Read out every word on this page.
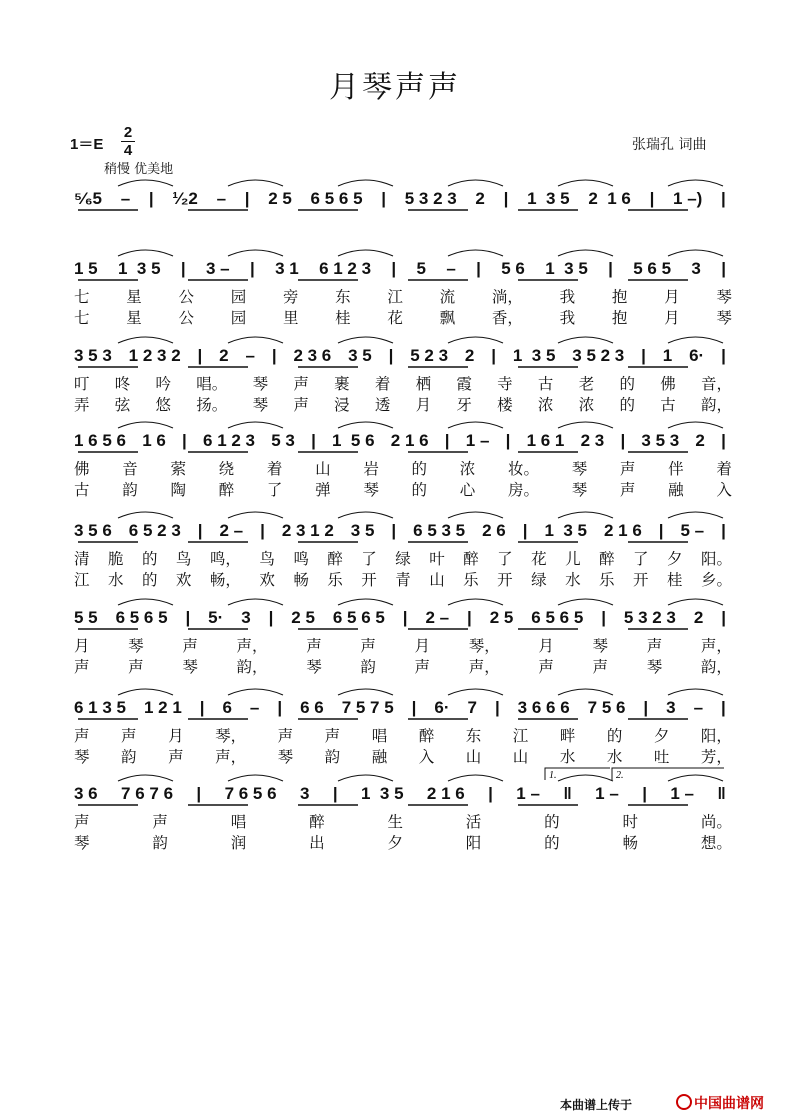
月琴声声
1＝E
2
4
稍慢 优美地
张瑞孔 词曲
⁵⁄₆5 – | ¹⁄₂2 – | 2 5 6 5 6 5 | 5 3 2 3 2 | 1  3 5 2  1 6 | 1 –) |
1 5 1  3 5 | 3 – | 3 1 6 1 2 3 | 5 – | 5 6 1  3 5 | 5 6 5 3 |
七 星 公 园 旁 东 江 流 淌， 我 抱 月 琴
七 星 公 园 里 桂 花 飘 香， 我 抱 月 琴
3 5 3 1 2 3 2 | 2 – | 2 3 6 3 5 | 5 2 3 2 | 1  3 5 3 5 2 3 | 1 6· |
叮 咚 吟 唱。 琴 声 裹 着 栖 霞 寺 古 老 的 佛 音，
弄 弦 悠 扬。 琴 声 浸 透 月 牙 楼 浓 浓 的 古 韵，
1 6 5 6 1 6 | 6 1 2 3 5 3 | 1  5 6 2 1 6 | 1 – | 1 6 1 2 3 | 3 5 3 2 |
佛 音 萦 绕 着 山 岩 的 浓 妆。 琴 声 伴 着
古 韵 陶 醉 了 弹 琴 的 心 房。 琴 声 融 入
3 5 6 6 5 2 3 | 2 – | 2 3 1 2 3 5 | 6 5 3 5 2 6 | 1  3 5 2 1 6 | 5 – |
清 脆 的 鸟 鸣， 鸟 鸣 醉 了 绿 叶 醉 了 花 儿 醉 了 夕 阳。
江 水 的 欢 畅， 欢 畅 乐 开 青 山 乐 开 绿 水 乐 开 桂 乡。
5 5 6 5 6 5 | 5· 3 | 2 5 6 5 6 5 | 2 – | 2 5 6 5 6 5 | 5 3 2 3 2 |
月 琴 声 声， 声 声 月 琴， 月 琴 声 声，
声 声 琴 韵， 琴 韵 声 声， 声 声 琴 韵，
6 1 3 5 1 2 1 | 6 – | 6 6 7 5 7 5 | 6· 7 | 3 6 6 6 7 5 6 | 3 – |
声 声 月 琴， 声 声 唱 醉 东 江 畔 的 夕 阳，
琴 韵 声 声， 琴 韵 融 入 山 山 水 水 吐 芳，
3 6 7 6 7 6 | 7 6 5 6 3 | 1  3 5 2 1 6 | 1 – ‖ 1 – | 1 – ‖
声	声	唱	醉	生	活	的	时	尚。
琴	韵	润	出	夕	阳	的	畅	想。
1.	2.
本曲谱上传于	中国曲谱网
